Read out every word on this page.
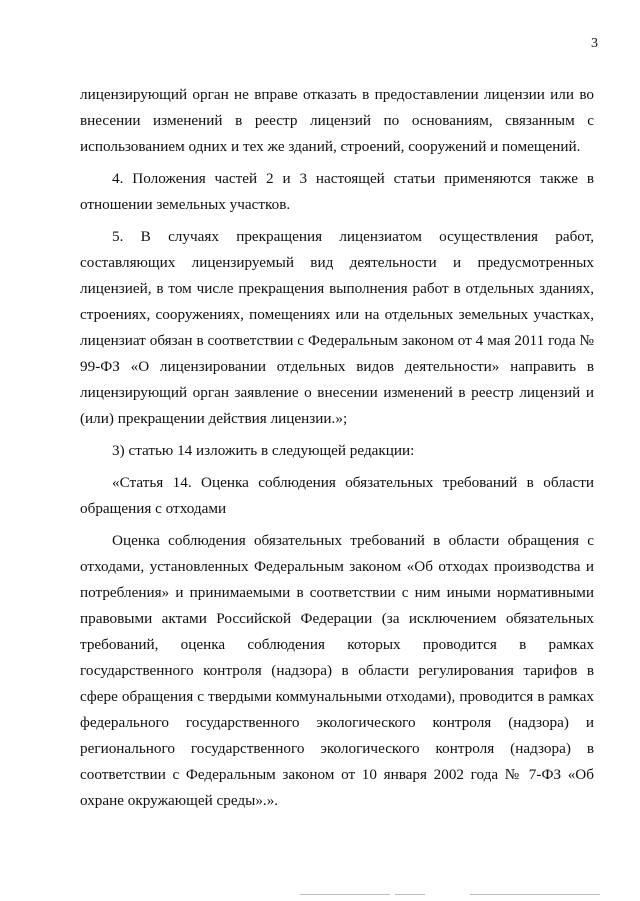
3

лицензирующий орган не вправе отказать в предоставлении лицензии или во внесении изменений в реестр лицензий по основаниям, связанным с использованием одних и тех же зданий, строений, сооружений и помещений.

4. Положения частей 2 и 3 настоящей статьи применяются также в отношении земельных участков.

5. В случаях прекращения лицензиатом осуществления работ, составляющих лицензируемый вид деятельности и предусмотренных лицензией, в том числе прекращения выполнения работ в отдельных зданиях, строениях, сооружениях, помещениях или на отдельных земельных участках, лицензиат обязан в соответствии с Федеральным законом от 4 мая 2011 года № 99-ФЗ «О лицензировании отдельных видов деятельности» направить в лицензирующий орган заявление о внесении изменений в реестр лицензий и (или) прекращении действия лицензии.»;

3) статью 14 изложить в следующей редакции:

«Статья 14. Оценка соблюдения обязательных требований в области обращения с отходами

Оценка соблюдения обязательных требований в области обращения с отходами, установленных Федеральным законом «Об отходах производства и потребления» и принимаемыми в соответствии с ним иными нормативными правовыми актами Российской Федерации (за исключением обязательных требований, оценка соблюдения которых проводится в рамках государственного контроля (надзора) в области регулирования тарифов в сфере обращения с твердыми коммунальными отходами), проводится в рамках федерального государственного экологического контроля (надзора) и регионального государственного экологического контроля (надзора) в соответствии с Федеральным законом от 10 января 2002 года № 7-ФЗ «Об охране окружающей среды».».
